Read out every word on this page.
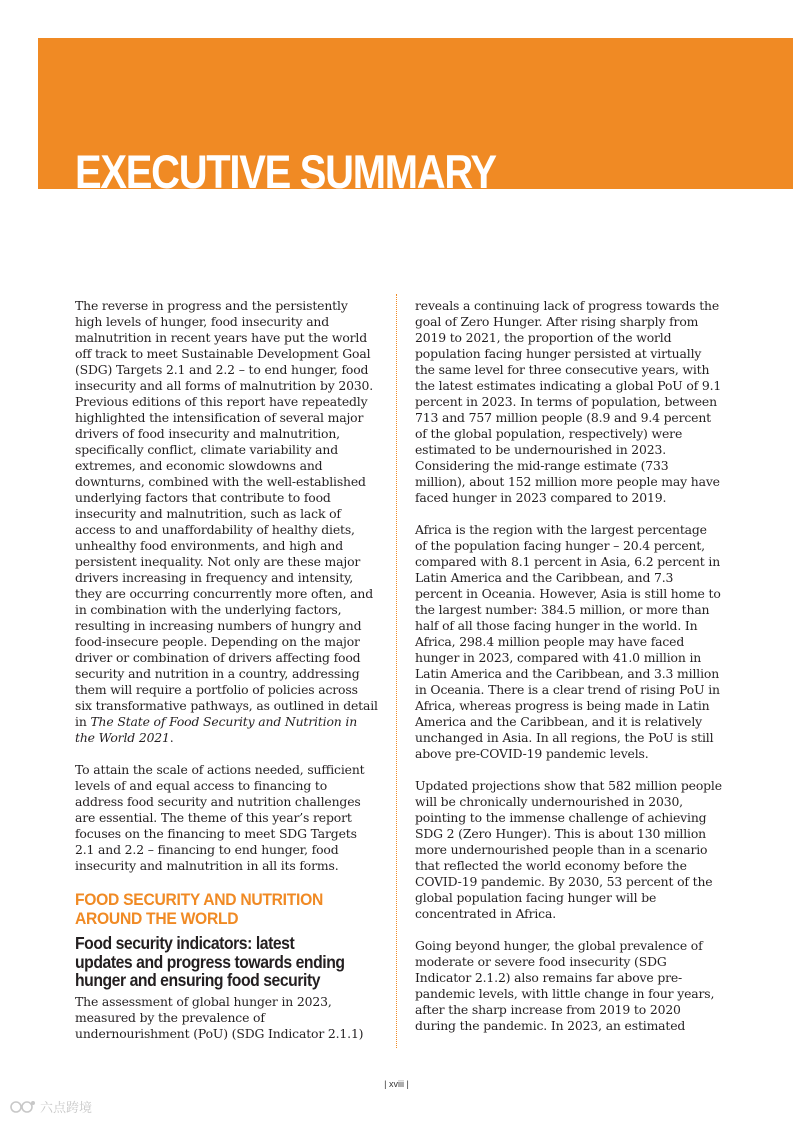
EXECUTIVE SUMMARY

The reverse in progress and the persistently high levels of hunger, food insecurity and malnutrition in recent years have put the world off track to meet Sustainable Development Goal (SDG) Targets 2.1 and 2.2 – to end hunger, food insecurity and all forms of malnutrition by 2030. Previous editions of this report have repeatedly highlighted the intensification of several major drivers of food insecurity and malnutrition, specifically conflict, climate variability and extremes, and economic slowdowns and downturns, combined with the well-established underlying factors that contribute to food insecurity and malnutrition, such as lack of access to and unaffordability of healthy diets, unhealthy food environments, and high and persistent inequality. Not only are these major drivers increasing in frequency and intensity, they are occurring concurrently more often, and in combination with the underlying factors, resulting in increasing numbers of hungry and food-insecure people. Depending on the major driver or combination of drivers affecting food security and nutrition in a country, addressing them will require a portfolio of policies across six transformative pathways, as outlined in detail in The State of Food Security and Nutrition in the World 2021.

To attain the scale of actions needed, sufficient levels of and equal access to financing to address food security and nutrition challenges are essential. The theme of this year’s report focuses on the financing to meet SDG Targets 2.1 and 2.2 – financing to end hunger, food insecurity and malnutrition in all its forms.

FOOD SECURITY AND NUTRITION AROUND THE WORLD
Food security indicators: latest updates and progress towards ending hunger and ensuring food security

The assessment of global hunger in 2023, measured by the prevalence of undernourishment (PoU) (SDG Indicator 2.1.1)

reveals a continuing lack of progress towards the goal of Zero Hunger. After rising sharply from 2019 to 2021, the proportion of the world population facing hunger persisted at virtually the same level for three consecutive years, with the latest estimates indicating a global PoU of 9.1 percent in 2023. In terms of population, between 713 and 757 million people (8.9 and 9.4 percent of the global population, respectively) were estimated to be undernourished in 2023. Considering the mid-range estimate (733 million), about 152 million more people may have faced hunger in 2023 compared to 2019.

Africa is the region with the largest percentage of the population facing hunger – 20.4 percent, compared with 8.1 percent in Asia, 6.2 percent in Latin America and the Caribbean, and 7.3 percent in Oceania. However, Asia is still home to the largest number: 384.5 million, or more than half of all those facing hunger in the world. In Africa, 298.4 million people may have faced hunger in 2023, compared with 41.0 million in Latin America and the Caribbean, and 3.3 million in Oceania. There is a clear trend of rising PoU in Africa, whereas progress is being made in Latin America and the Caribbean, and it is relatively unchanged in Asia. In all regions, the PoU is still above pre-COVID-19 pandemic levels.

Updated projections show that 582 million people will be chronically undernourished in 2030, pointing to the immense challenge of achieving SDG 2 (Zero Hunger). This is about 130 million more undernourished people than in a scenario that reflected the world economy before the COVID-19 pandemic. By 2030, 53 percent of the global population facing hunger will be concentrated in Africa.

Going beyond hunger, the global prevalence of moderate or severe food insecurity (SDG Indicator 2.1.2) also remains far above pre-pandemic levels, with little change in four years, after the sharp increase from 2019 to 2020 during the pandemic. In 2023, an estimated

| xviii |
六点跨境
